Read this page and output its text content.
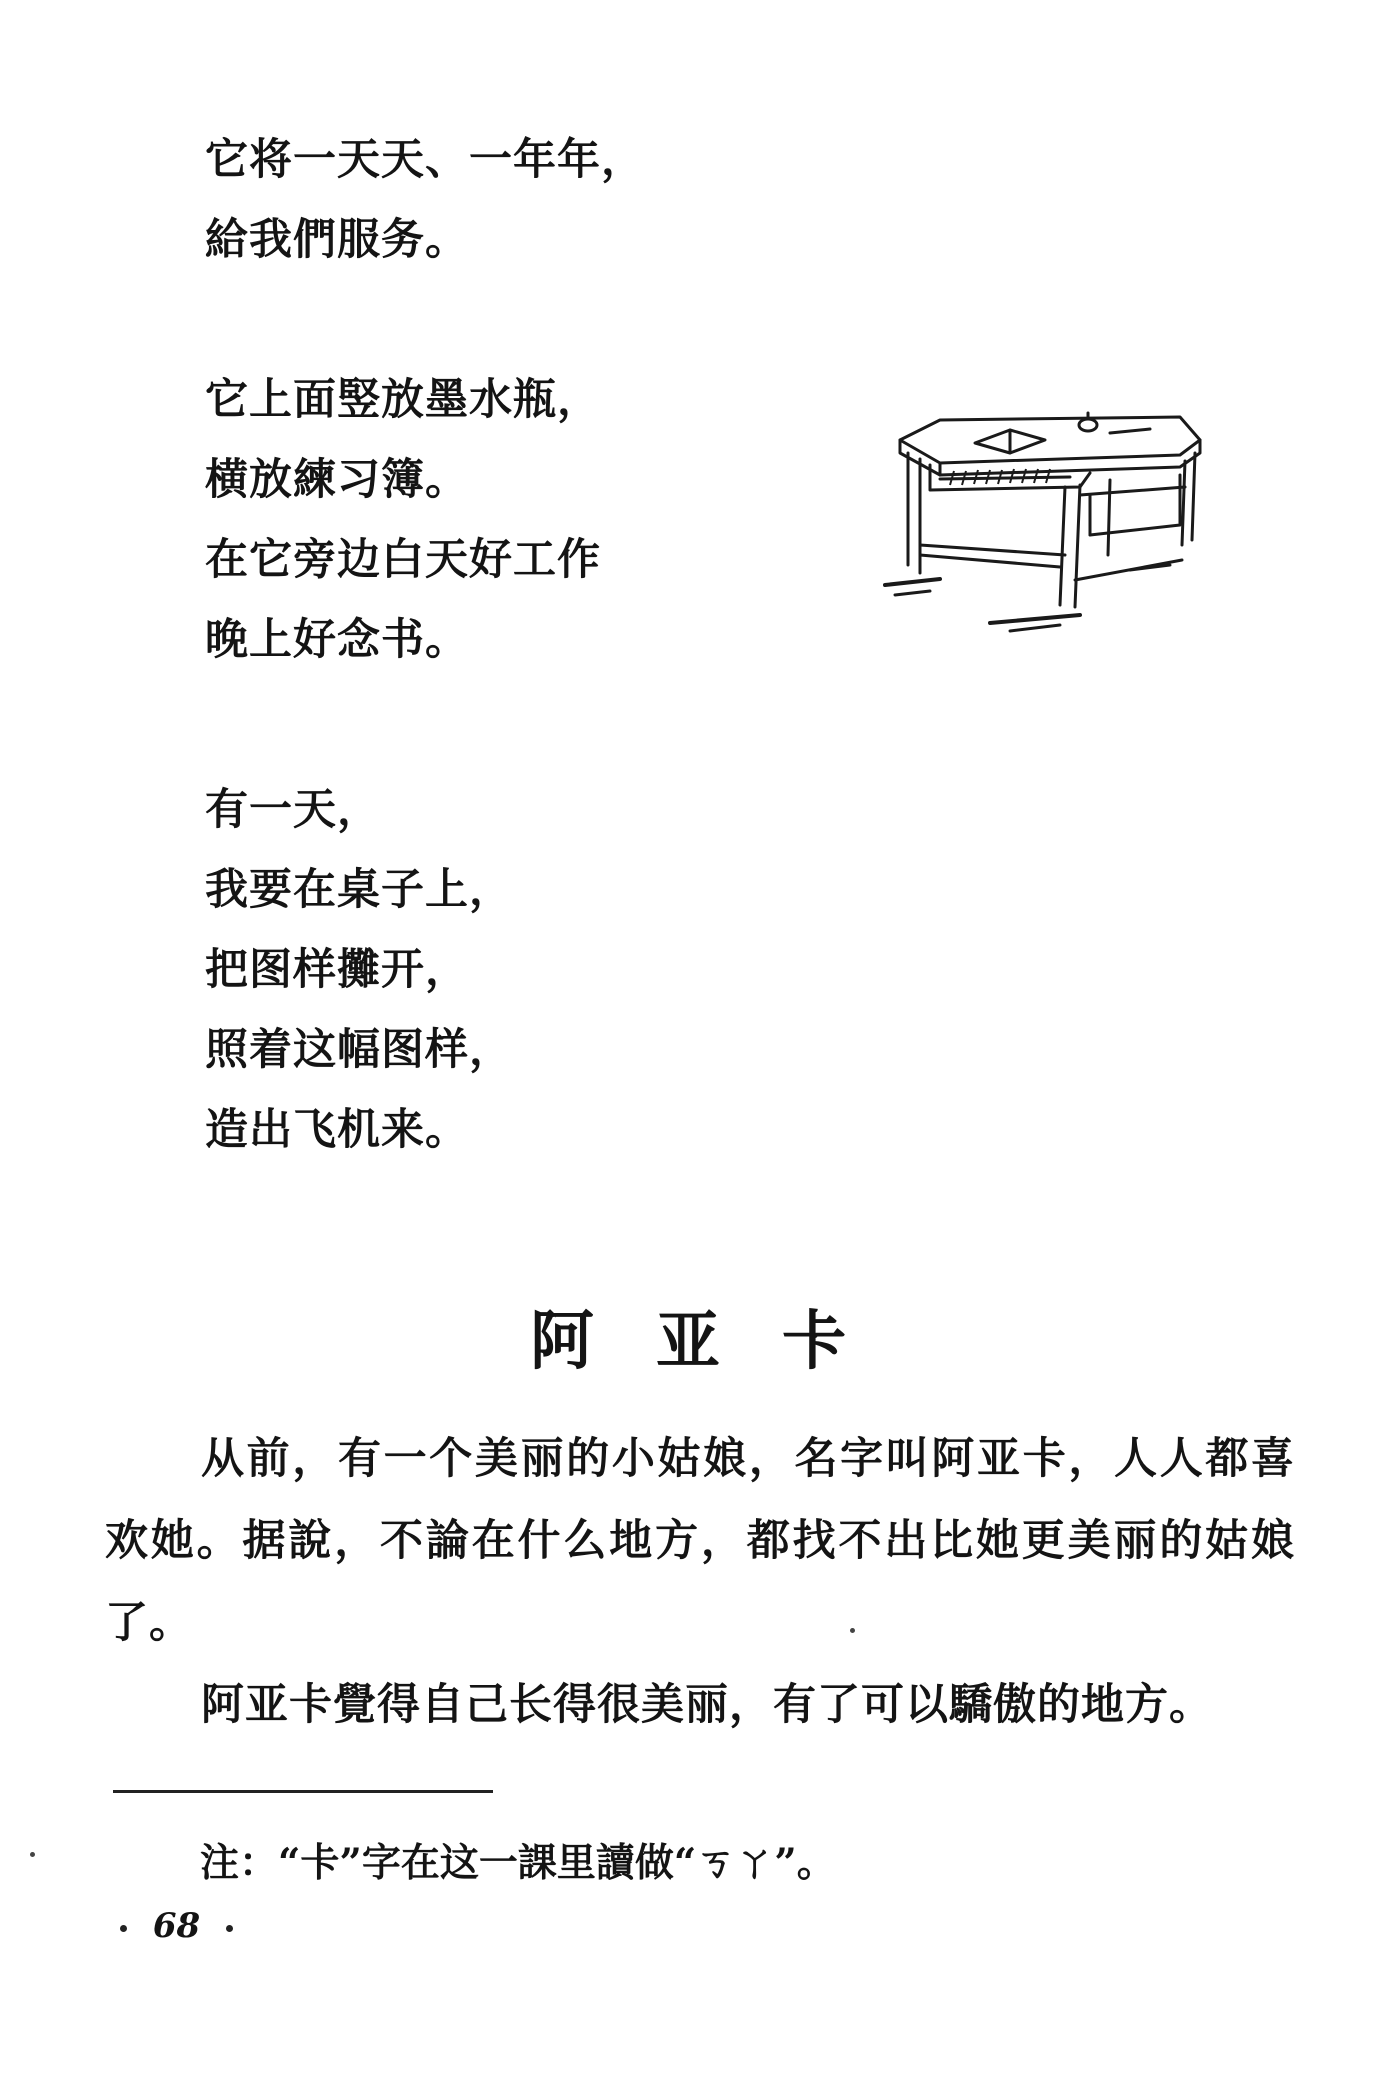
它将一天天、一年年，
給我們服务。
它上面竪放墨水瓶，
横放練习簿。
在它旁边白天好工作
晚上好念书。
有一天，
我要在桌子上，
把图样攤开，
照着这幅图样，
造出飞机来。
阿亚卡

从前，有一个美丽的小姑娘，名字叫阿亚卡，人人都喜欢她。据說，不論在什么地方，都找不出比她更美丽的姑娘了。

阿亚卡覺得自己长得很美丽，有了可以驕傲的地方。

注：“卡”字在这一課里讀做“ㄎㄚ”。
68
